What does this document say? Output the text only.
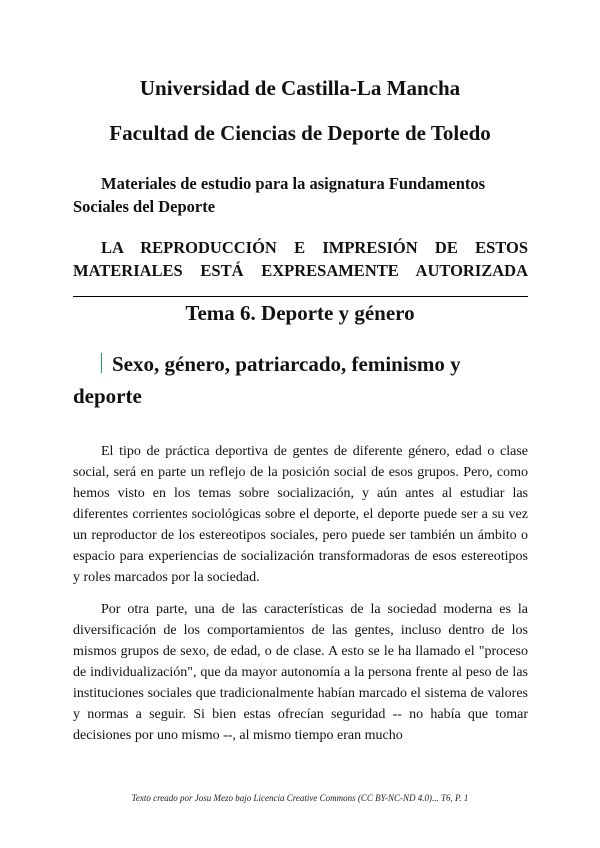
Universidad de Castilla-La Mancha
Facultad de Ciencias de Deporte de Toledo
Materiales de estudio para la asignatura Fundamentos Sociales del Deporte
LA REPRODUCCIÓN E IMPRESIÓN DE ESTOS
MATERIALES ESTÁ EXPRESAMENTE AUTORIZADA
Tema 6. Deporte y género
Sexo, género, patriarcado, feminismo y deporte

El tipo de práctica deportiva de gentes de diferente género, edad o clase social, será en parte un reflejo de la posición social de esos grupos. Pero, como hemos visto en los temas sobre socialización, y aún antes al estudiar las diferentes corrientes sociológicas sobre el deporte, el deporte puede ser a su vez un reproductor de los estereotipos sociales, pero puede ser también un ámbito o espacio para experiencias de socialización transformadoras de esos estereotipos y roles marcados por la sociedad.

Por otra parte, una de las características de la sociedad moderna es la diversificación de los comportamientos de las gentes, incluso dentro de los mismos grupos de sexo, de edad, o de clase. A esto se le ha llamado el "proceso de individualización", que da mayor autonomía a la persona frente al peso de las instituciones sociales que tradicionalmente habían marcado el sistema de valores y normas a seguir. Si bien estas ofrecían seguridad -- no había que tomar decisiones por uno mismo --, al mismo tiempo eran mucho

Texto creado por Josu Mezo bajo Licencia Creative Commons (CC BY-NC-ND 4.0)... T6, P. 1
